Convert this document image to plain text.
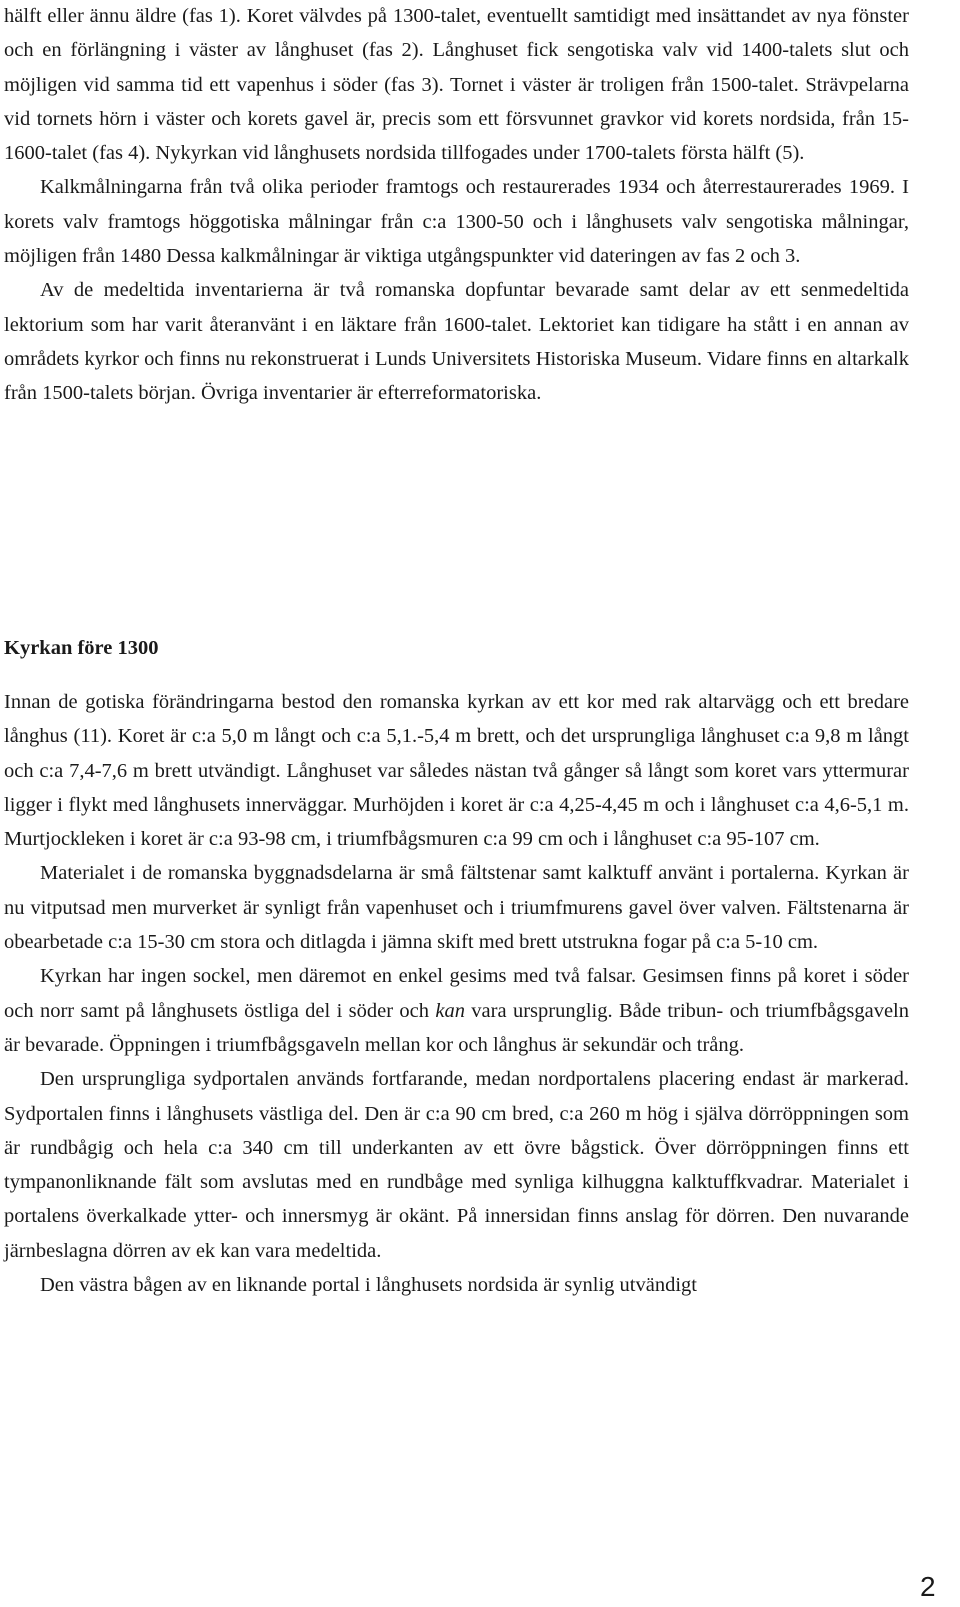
hälft eller ännu äldre (fas 1). Koret välvdes på 1300-talet, eventuellt samtidigt med insättandet av nya fönster och en förlängning i väster av långhuset (fas 2). Långhuset fick sengotiska valv vid 1400-talets slut och möjligen vid samma tid ett vapenhus i söder (fas 3). Tornet i väster är troligen från 1500-talet. Strävpelarna vid tornets hörn i väster och korets gavel är, precis som ett försvunnet gravkor vid korets nordsida, från 15-1600-talet (fas 4). Nykyrkan vid långhusets nordsida tillfogades under 1700-talets första hälft (5).

Kalkmålningarna från två olika perioder framtogs och restaurerades 1934 och återrestaurerades 1969. I korets valv framtogs höggotiska målningar från c:a 1300-50 och i långhusets valv sengotiska målningar, möjligen från 1480 Dessa kalkmålningar är viktiga utgångspunkter vid dateringen av fas 2 och 3.

Av de medeltida inventarierna är två romanska dopfuntar bevarade samt delar av ett senmedeltida lektorium som har varit återanvänt i en läktare från 1600-talet. Lektoriet kan tidigare ha stått i en annan av områdets kyrkor och finns nu rekonstruerat i Lunds Universitets Historiska Museum. Vidare finns en altarkalk från 1500-talets början. Övriga inventarier är efterreformatoriska.

Kyrkan före 1300

Innan de gotiska förändringarna bestod den romanska kyrkan av ett kor med rak altarvägg och ett bredare långhus (11). Koret är c:a 5,0 m långt och c:a 5,1.-5,4 m brett, och det ursprungliga långhuset c:a 9,8 m långt och c:a 7,4-7,6 m brett utvändigt. Långhuset var således nästan två gånger så långt som koret vars yttermurar ligger i flykt med långhusets innerväggar. Murhöjden i koret är c:a 4,25-4,45 m och i långhuset c:a 4,6-5,1 m. Murtjockleken i koret är c:a 93-98 cm, i triumfbågsmuren c:a 99 cm och i långhuset c:a 95-107 cm.

Materialet i de romanska byggnadsdelarna är små fältstenar samt kalktuff använt i portalerna. Kyrkan är nu vitputsad men murverket är synligt från vapenhuset och i triumfmurens gavel över valven. Fältstenarna är obearbetade c:a 15-30 cm stora och ditlagda i jämna skift med brett utstrukna fogar på c:a 5-10 cm.

Kyrkan har ingen sockel, men däremot en enkel gesims med två falsar. Gesimsen finns på koret i söder och norr samt på långhusets östliga del i söder och kan vara ursprunglig. Både tribun- och triumfbågsgaveln är bevarade. Öppningen i triumfbågsgaveln mellan kor och långhus är sekundär och trång.

Den ursprungliga sydportalen används fortfarande, medan nordportalens placering endast är markerad. Sydportalen finns i långhusets västliga del. Den är c:a 90 cm bred, c:a 260 m hög i själva dörröppningen som är rundbågig och hela c:a 340 cm till underkanten av ett övre bågstick. Över dörröppningen finns ett tympanonliknande fält som avslutas med en rundbåge med synliga kilhuggna kalktuffkvadrar. Materialet i portalens överkalkade ytter- och innersmyg är okänt. På innersidan finns anslag för dörren. Den nuvarande järnbeslagna dörren av ek kan vara medeltida.

Den västra bågen av en liknande portal i långhusets nordsida är synlig utvändigt

2
